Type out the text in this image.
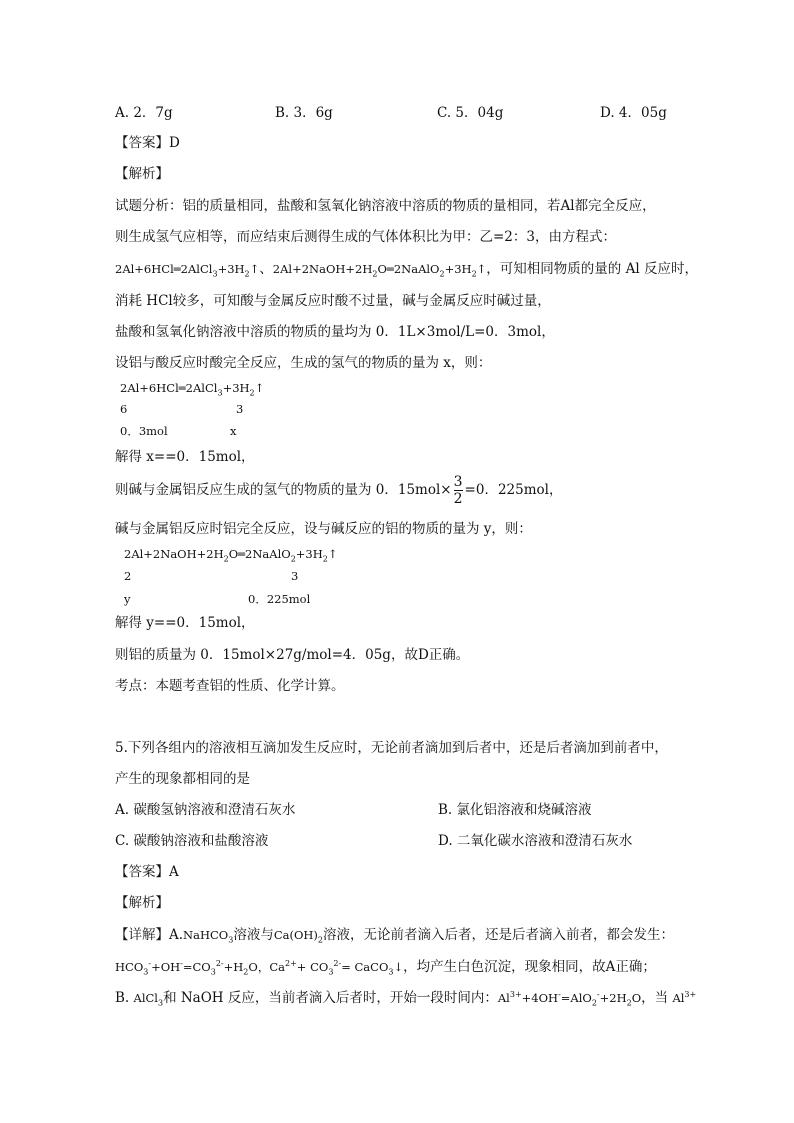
A. 2．7g	B. 3．6g	C. 5．04g	D. 4．05g
【答案】D
【解析】
试题分析：铝的质量相同，盐酸和氢氧化钠溶液中溶质的物质的量相同，若Al都完全反应，
则生成氢气应相等，而应结束后测得生成的气体体积比为甲：乙=2：3，由方程式：
$2Al+6HCl═2AlCl_3+3H_2↑$、$2Al+2NaOH+2H_2O═2NaAlO_2+3H_2↑$，可知相同物质的量的 Al 反应时，
消耗 HCl较多，可知酸与金属反应时酸不过量，碱与金属反应时碱过量，
盐酸和氢氧化钠溶液中溶质的物质的量均为 0．1L×3mol/L=0．3mol，
设铝与酸反应时酸完全反应，生成的氢气的物质的量为 x，则：
$2Al+6HCl═2AlCl_3+3H_2↑$
6	3
0．3mol	x
解得 x==0．15mol，
则碱与金属铝反应生成的氢气的物质的量为 0．$15mol\times \frac{3}{2} =0$．225mol，
碱与金属铝反应时铝完全反应，设与碱反应的铝的物质的量为 y，则：
$2Al+2NaOH+2H_2O═2NaAlO_2+3H_2↑$
2	3
y	0．225mol
解得 y==0．15mol，
则铝的质量为 0．15mol×27g/mol=4．05g，故D正确。
考点：本题考查铝的性质、化学计算。
5.下列各组内的溶液相互滴加发生反应时，无论前者滴加到后者中，还是后者滴加到前者中，
产生的现象都相同的是
A. 碳酸氢钠溶液和澄清石灰水	B. 氯化铝溶液和烧碱溶液
C. 碳酸钠溶液和盐酸溶液	D. 二氧化碳水溶液和澄清石灰水
【答案】A
【解析】
【详解】A.NaHCO$_3$溶液与$Ca(OH)_2$溶液，无论前者滴入后者，还是后者滴入前者，都会发生：
$HCO_3^-+OH^-=CO_3^{2-}+H_2O$，$Ca^{2+}+ CO_3^{2-}=$ CaCO$_3$↓，均产生白色沉淀，现象相同，故A正确；
B. AlCl$_3$和 NaOH 反应，当前者滴入后者时，开始一段时间内：$Al^{3+}+4OH^-=AlO_2^-+2H_2O$，当 $Al^{3+}$
